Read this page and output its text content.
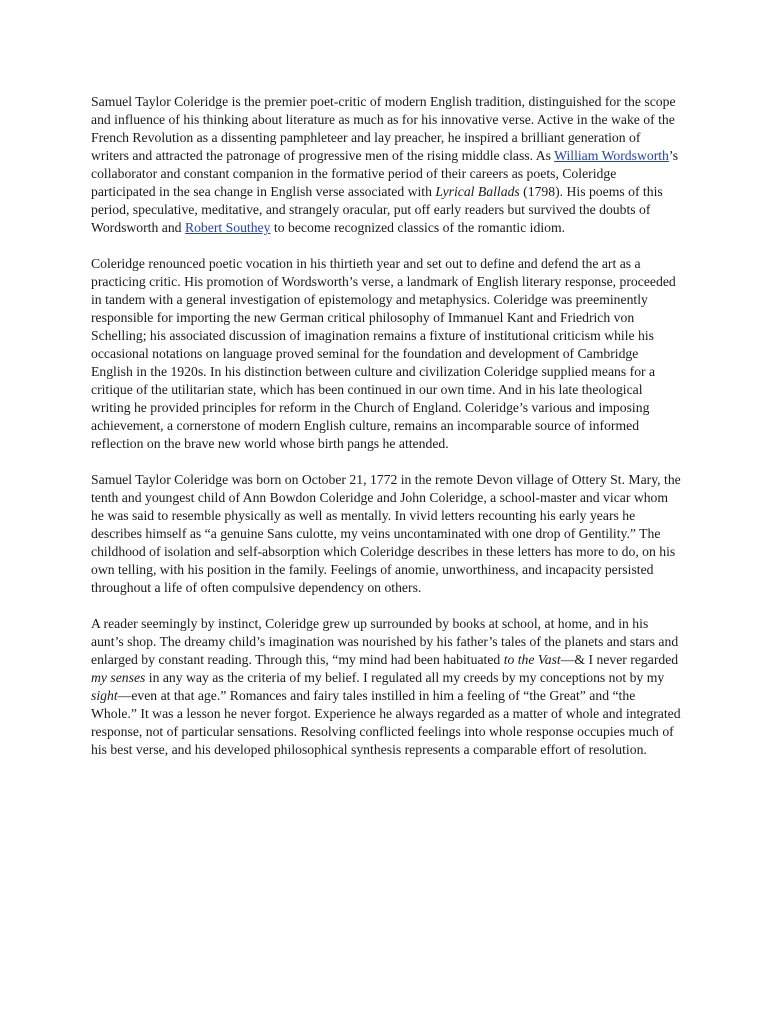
Samuel Taylor Coleridge is the premier poet-critic of modern English tradition, distinguished for the scope and influence of his thinking about literature as much as for his innovative verse. Active in the wake of the French Revolution as a dissenting pamphleteer and lay preacher, he inspired a brilliant generation of writers and attracted the patronage of progressive men of the rising middle class. As William Wordsworth’s collaborator and constant companion in the formative period of their careers as poets, Coleridge participated in the sea change in English verse associated with Lyrical Ballads (1798). His poems of this period, speculative, meditative, and strangely oracular, put off early readers but survived the doubts of Wordsworth and Robert Southey to become recognized classics of the romantic idiom.

Coleridge renounced poetic vocation in his thirtieth year and set out to define and defend the art as a practicing critic. His promotion of Wordsworth’s verse, a landmark of English literary response, proceeded in tandem with a general investigation of epistemology and metaphysics. Coleridge was preeminently responsible for importing the new German critical philosophy of Immanuel Kant and Friedrich von Schelling; his associated discussion of imagination remains a fixture of institutional criticism while his occasional notations on language proved seminal for the foundation and development of Cambridge English in the 1920s. In his distinction between culture and civilization Coleridge supplied means for a critique of the utilitarian state, which has been continued in our own time. And in his late theological writing he provided principles for reform in the Church of England. Coleridge’s various and imposing achievement, a cornerstone of modern English culture, remains an incomparable source of informed reflection on the brave new world whose birth pangs he attended.

Samuel Taylor Coleridge was born on October 21, 1772 in the remote Devon village of Ottery St. Mary, the tenth and youngest child of Ann Bowdon Coleridge and John Coleridge, a school-master and vicar whom he was said to resemble physically as well as mentally. In vivid letters recounting his early years he describes himself as “a genuine Sans culotte, my veins uncontaminated with one drop of Gentility.” The childhood of isolation and self-absorption which Coleridge describes in these letters has more to do, on his own telling, with his position in the family. Feelings of anomie, unworthiness, and incapacity persisted throughout a life of often compulsive dependency on others.

A reader seemingly by instinct, Coleridge grew up surrounded by books at school, at home, and in his aunt’s shop. The dreamy child’s imagination was nourished by his father’s tales of the planets and stars and enlarged by constant reading. Through this, “my mind had been habituated to the Vast—& I never regarded my senses in any way as the criteria of my belief. I regulated all my creeds by my conceptions not by my sight—even at that age.” Romances and fairy tales instilled in him a feeling of “the Great” and “the Whole.” It was a lesson he never forgot. Experience he always regarded as a matter of whole and integrated response, not of particular sensations. Resolving conflicted feelings into whole response occupies much of his best verse, and his developed philosophical synthesis represents a comparable effort of resolution.
